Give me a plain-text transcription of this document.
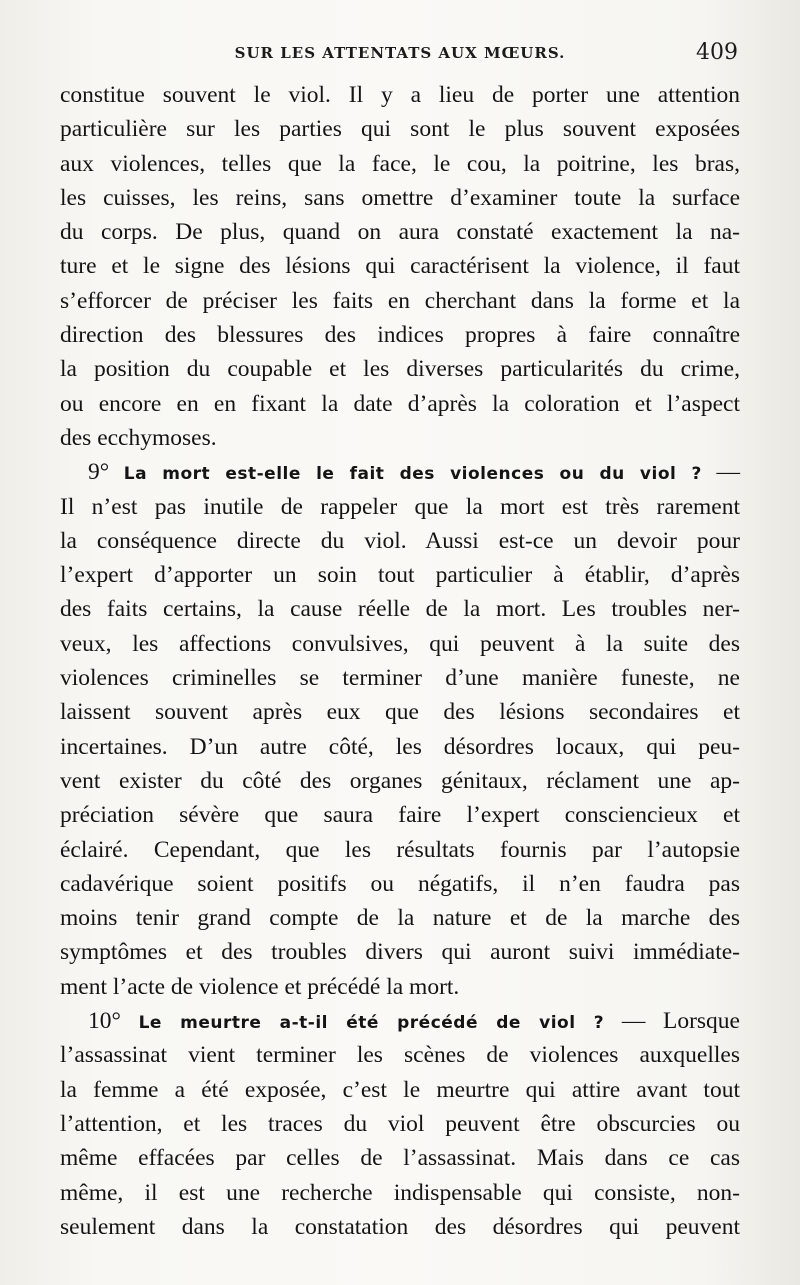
SUR LES ATTENTATS AUX MŒURS.	409
constitue souvent le viol. Il y a lieu de porter une attention
particulière sur les parties qui sont le plus souvent exposées
aux violences, telles que la face, le cou, la poitrine, les bras,
les cuisses, les reins, sans omettre d’examiner toute la surface
du corps. De plus, quand on aura constaté exactement la na-
ture et le signe des lésions qui caractérisent la violence, il faut
s’efforcer de préciser les faits en cherchant dans la forme et la
direction des blessures des indices propres à faire connaître
la position du coupable et les diverses particularités du crime,
ou encore en en fixant la date d’après la coloration et l’aspect
des ecchymoses.
9° La mort est-elle le fait des violences ou du viol ? —
Il n’est pas inutile de rappeler que la mort est très rarement
la conséquence directe du viol. Aussi est-ce un devoir pour
l’expert d’apporter un soin tout particulier à établir, d’après
des faits certains, la cause réelle de la mort. Les troubles ner-
veux, les affections convulsives, qui peuvent à la suite des
violences criminelles se terminer d’une manière funeste, ne
laissent souvent après eux que des lésions secondaires et
incertaines. D’un autre côté, les désordres locaux, qui peu-
vent exister du côté des organes génitaux, réclament une ap-
préciation sévère que saura faire l’expert consciencieux et
éclairé. Cependant, que les résultats fournis par l’autopsie
cadavérique soient positifs ou négatifs, il n’en faudra pas
moins tenir grand compte de la nature et de la marche des
symptômes et des troubles divers qui auront suivi immédiate-
ment l’acte de violence et précédé la mort.
10° Le meurtre a-t-il été précédé de viol ? — Lorsque
l’assassinat vient terminer les scènes de violences auxquelles
la femme a été exposée, c’est le meurtre qui attire avant tout
l’attention, et les traces du viol peuvent être obscurcies ou
même effacées par celles de l’assassinat. Mais dans ce cas
même, il est une recherche indispensable qui consiste, non-
seulement dans la constatation des désordres qui peuvent
